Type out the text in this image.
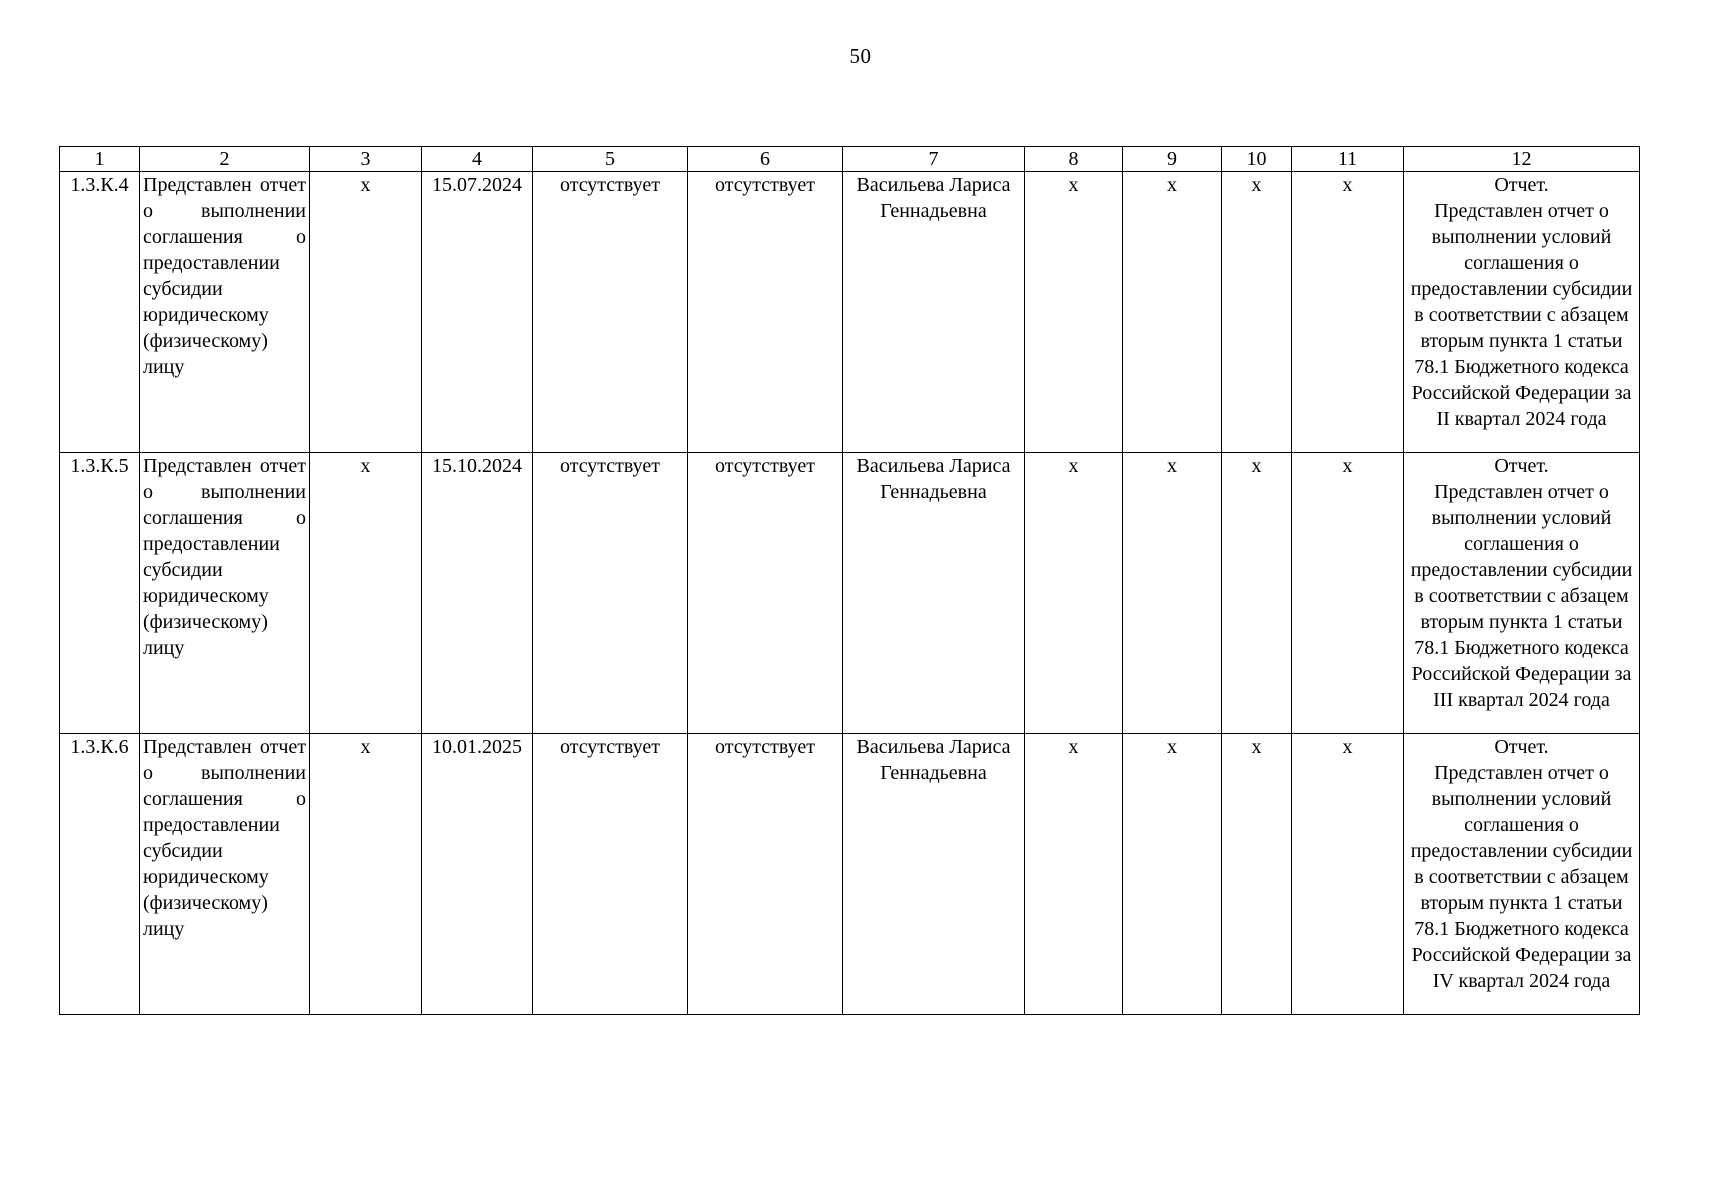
50
1	2	3	4	5	6	7	8	9	10	11	12
1.3.К.4	Представлен отчет о выполнении соглашения о предоставлении субсидии юридическому (физическому) лицу	x	15.07.2024	отсутствует	отсутствует	Васильева Лариса Геннадьевна	x	x	x	x	Отчет.
Представлен отчет о выполнении условий соглашения о предоставлении субсидии в соответствии с абзацем вторым пункта 1 статьи 78.1 Бюджетного кодекса Российской Федерации за II квартал 2024 года

1.3.К.5	Представлен отчет о выполнении соглашения о предоставлении субсидии юридическому (физическому) лицу	x	15.10.2024	отсутствует	отсутствует	Васильева Лариса Геннадьевна	x	x	x	x	Отчет.
Представлен отчет о выполнении условий соглашения о предоставлении субсидии в соответствии с абзацем вторым пункта 1 статьи 78.1 Бюджетного кодекса Российской Федерации за III квартал 2024 года

1.3.К.6	Представлен отчет о выполнении соглашения о предоставлении субсидии юридическому (физическому) лицу	x	10.01.2025	отсутствует	отсутствует	Васильева Лариса Геннадьевна	x	x	x	x	Отчет.
Представлен отчет о выполнении условий соглашения о предоставлении субсидии в соответствии с абзацем вторым пункта 1 статьи 78.1 Бюджетного кодекса Российской Федерации за IV квартал 2024 года
